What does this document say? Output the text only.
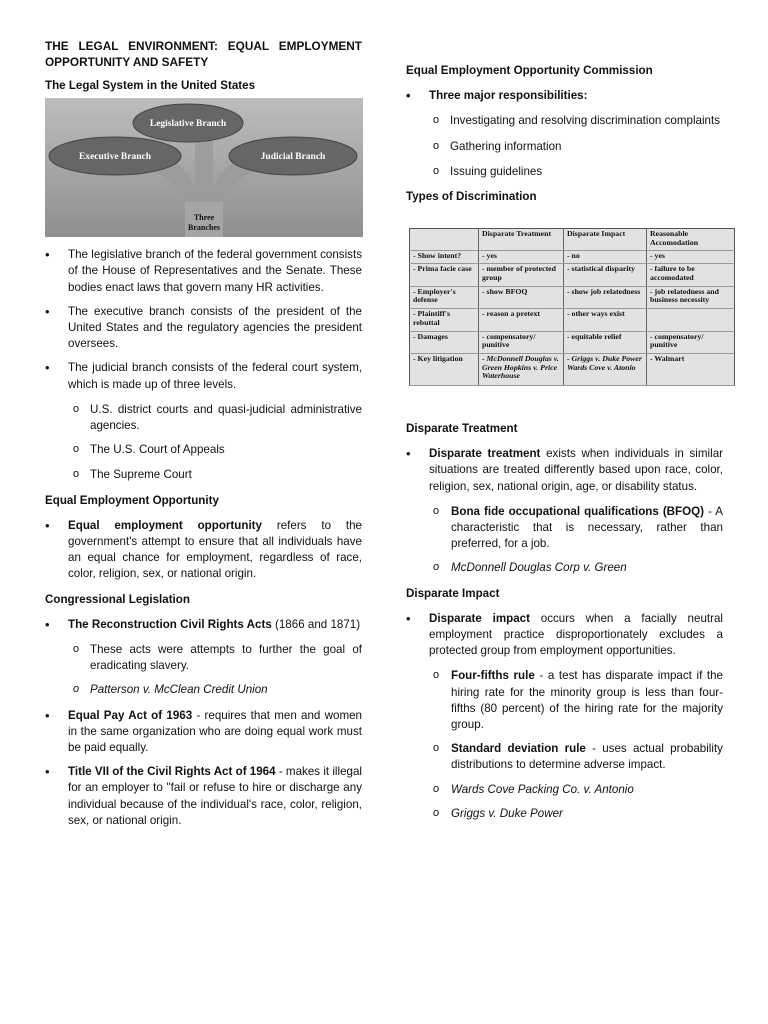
THE LEGAL ENVIRONMENT: EQUAL EMPLOYMENT OPPORTUNITY AND SAFETY

The Legal System in the United States

Legislative Branch
Executive Branch	Judicial Branch
Three
Branches

• The legislative branch of the federal government consists of the House of Representatives and the Senate. These bodies enact laws that govern many HR activities.

• The executive branch consists of the president of the United States and the regulatory agencies the president oversees.

• The judicial branch consists of the federal court system, which is made up of three levels.

o U.S. district courts and quasi-judicial administrative agencies.

o The U.S. Court of Appeals

o The Supreme Court

Equal Employment Opportunity

• Equal employment opportunity refers to the government's attempt to ensure that all individuals have an equal chance for employment, regardless of race, color, religion, sex, or national origin.

Congressional Legislation

• The Reconstruction Civil Rights Acts (1866 and 1871)

o These acts were attempts to further the goal of eradicating slavery.

o Patterson v. McClean Credit Union

• Equal Pay Act of 1963 - requires that men and women in the same organization who are doing equal work must be paid equally.

• Title VII of the Civil Rights Act of 1964 - makes it illegal for an employer to "fail or refuse to hire or discharge any individual because of the individual's race, color, religion, sex, or national origin.

Equal Employment Opportunity Commission

• Three major responsibilities:

o Investigating and resolving discrimination complaints

o Gathering information

o Issuing guidelines

Types of Discrimination

	Disparate Treatment	Disparate Impact	Reasonable Accomodation
- Show intent?	- yes	- no	- yes
- Prima facie case	- member of protected group	- statistical disparity	- failure to be accomodated
- Employer's defense	- show BFOQ	- show job relatedness	- job relatedness and business necessity
- Plaintiff's rebuttal	- reason a pretext	- other ways exist	
- Damages	- compensatory/ punitive	- equitable relief	- compensatory/ punitive
- Key litigation	- McDonnell Douglas v. Green Hopkins v. Price Waterhouse	- Griggs v. Duke Power Wards Cove v. Atonio	- Walmart

Disparate Treatment

• Disparate treatment exists when individuals in similar situations are treated differently based upon race, color, religion, sex, national origin, age, or disability status.

o Bona fide occupational qualifications (BFOQ) - A characteristic that is necessary, rather than preferred, for a job.

o McDonnell Douglas Corp v. Green

Disparate Impact

• Disparate impact occurs when a facially neutral employment practice disproportionately excludes a protected group from employment opportunities.

o Four-fifths rule - a test has disparate impact if the hiring rate for the minority group is less than four-fifths (80 percent) of the hiring rate for the majority group.

o Standard deviation rule - uses actual probability distributions to determine adverse impact.

o Wards Cove Packing Co. v. Antonio

o Griggs v. Duke Power
